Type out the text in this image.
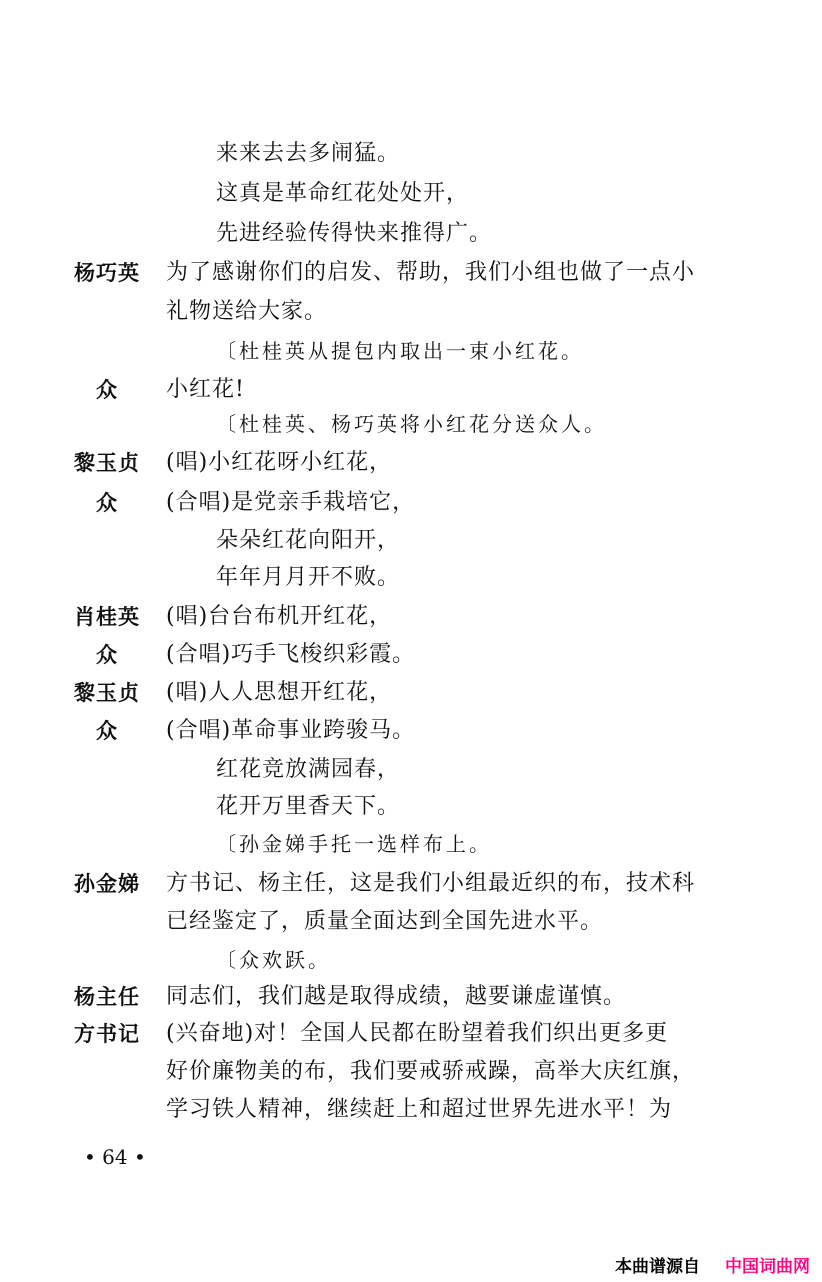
来来去去多闹猛。
这真是革命红花处处开，
先进经验传得快来推得广。
杨巧英 为了感谢你们的启发、帮助，我们小组也做了一点小
礼物送给大家。
〔杜桂英从提包内取出一束小红花。
众 小红花!
〔杜桂英、杨巧英将小红花分送众人。
黎玉贞 (唱)小红花呀小红花，
众 (合唱)是党亲手栽培它，
朵朵红花向阳开，
年年月月开不败。
肖桂英 (唱)台台布机开红花，
众 (合唱)巧手飞梭织彩霞。
黎玉贞 (唱)人人思想开红花，
众 (合唱)革命事业跨骏马。
红花竞放满园春，
花开万里香天下。
〔孙金娣手托一选样布上。
孙金娣 方书记、杨主任，这是我们小组最近织的布，技术科
已经鉴定了，质量全面达到全国先进水平。
〔众欢跃。
杨主任 同志们，我们越是取得成绩，越要谦虚谨慎。
方书记 (兴奋地)对！全国人民都在盼望着我们织出更多更
好价廉物美的布，我们要戒骄戒躁，高举大庆红旗，
学习铁人精神，继续赶上和超过世界先进水平！为
• 64 •
本曲谱源自 中国词曲网
